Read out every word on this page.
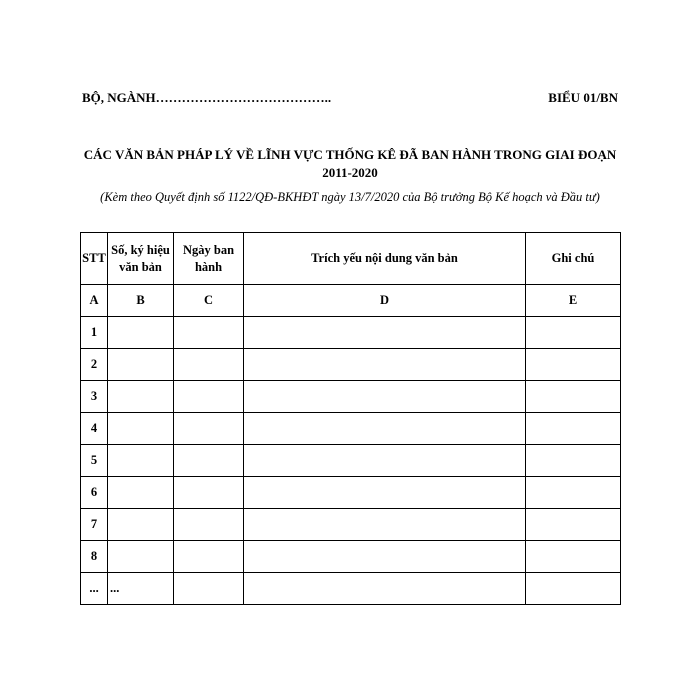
BỘ, NGÀNH…………………………………..	BIỂU 01/BN
CÁC VĂN BẢN PHÁP LÝ VỀ LĨNH VỰC THỐNG KÊ ĐÃ BAN HÀNH TRONG GIAI ĐOẠN 2011-2020
(Kèm theo Quyết định số 1122/QĐ-BKHĐT ngày 13/7/2020 của Bộ trưởng Bộ Kế hoạch và Đầu tư)
STT	Số, ký hiệu văn bản	Ngày ban hành	Trích yếu nội dung văn bản	Ghi chú
A	B	C	D	E
1				
2				
3				
4				
5				
6				
7				
8				
...	...			
